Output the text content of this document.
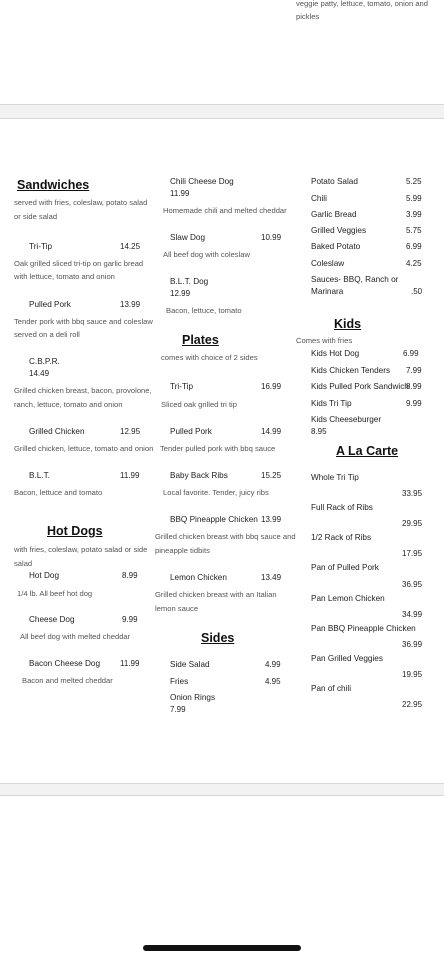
veggie patty, lettuce, tomato, onion and
pickles
Sandwiches
served with fries, coleslaw, potato salad
or side salad
Tri-Tip	14.25
Oak grilled sliced tri-tip on garlic bread
with lettuce, tomato and onion
Pulled Pork	13.99
Tender pork with bbq sauce and coleslaw
served on a deli roll
C.B.P.R.
14.49
Grilled chicken breast, bacon, provolone,
ranch, lettuce, tomato and onion
Grilled Chicken	12.95
Grilled chicken, lettuce, tomato and onion
B.L.T.	11.99
Bacon, lettuce and tomato
Hot Dogs
with fries, coleslaw, potato salad or side
salad
Hot Dog	8.99
1/4 lb. All beef hot dog
Cheese Dog	9.99
All beef dog with melted cheddar
Bacon Cheese Dog 11.99
Bacon and melted cheddar
Chili Cheese Dog
11.99
Homemade chili and melted cheddar
Slaw Dog	10.99
All beef dog with coleslaw
B.L.T. Dog
12.99
Bacon, lettuce, tomato
Plates
comes with choice of 2 sides
Tri-Tip	16.99
Sliced oak grilled tri tip
Pulled Pork	14.99
Tender pulled pork with bbq sauce
Baby Back Ribs	15.25
Local favorite. Tender, juicy ribs
BBQ Pineapple Chicken 13.99
Grilled chicken breast with bbq sauce and
pineapple tidbits
Lemon Chicken	13.49
Grilled chicken breast with an Italian
lemon sauce
Sides
Side Salad	4.99
Fries	4.95
Onion Rings
7.99
Potato Salad	5.25
Chili	5.99
Garlic Bread	3.99
Grilled Veggies	5.75
Baked Potato	6.99
Coleslaw	4.25
Sauces- BBQ, Ranch or
Marinara	.50
Kids
Comes with fries
Kids Hot Dog	6.99
Kids Chicken Tenders 7.99
Kids Pulled Pork Sandwich
8.99
Kids Tri Tip	9.99
Kids Cheeseburger
8.95
A La Carte
Whole Tri Tip
33.95
Full Rack of Ribs
29.95
1/2 Rack of Ribs
17.95
Pan of Pulled Pork
36.95
Pan Lemon Chicken
34.99
Pan BBQ Pineapple Chicken
36.99
Pan Grilled Veggies
19.95
Pan of chili
22.95
